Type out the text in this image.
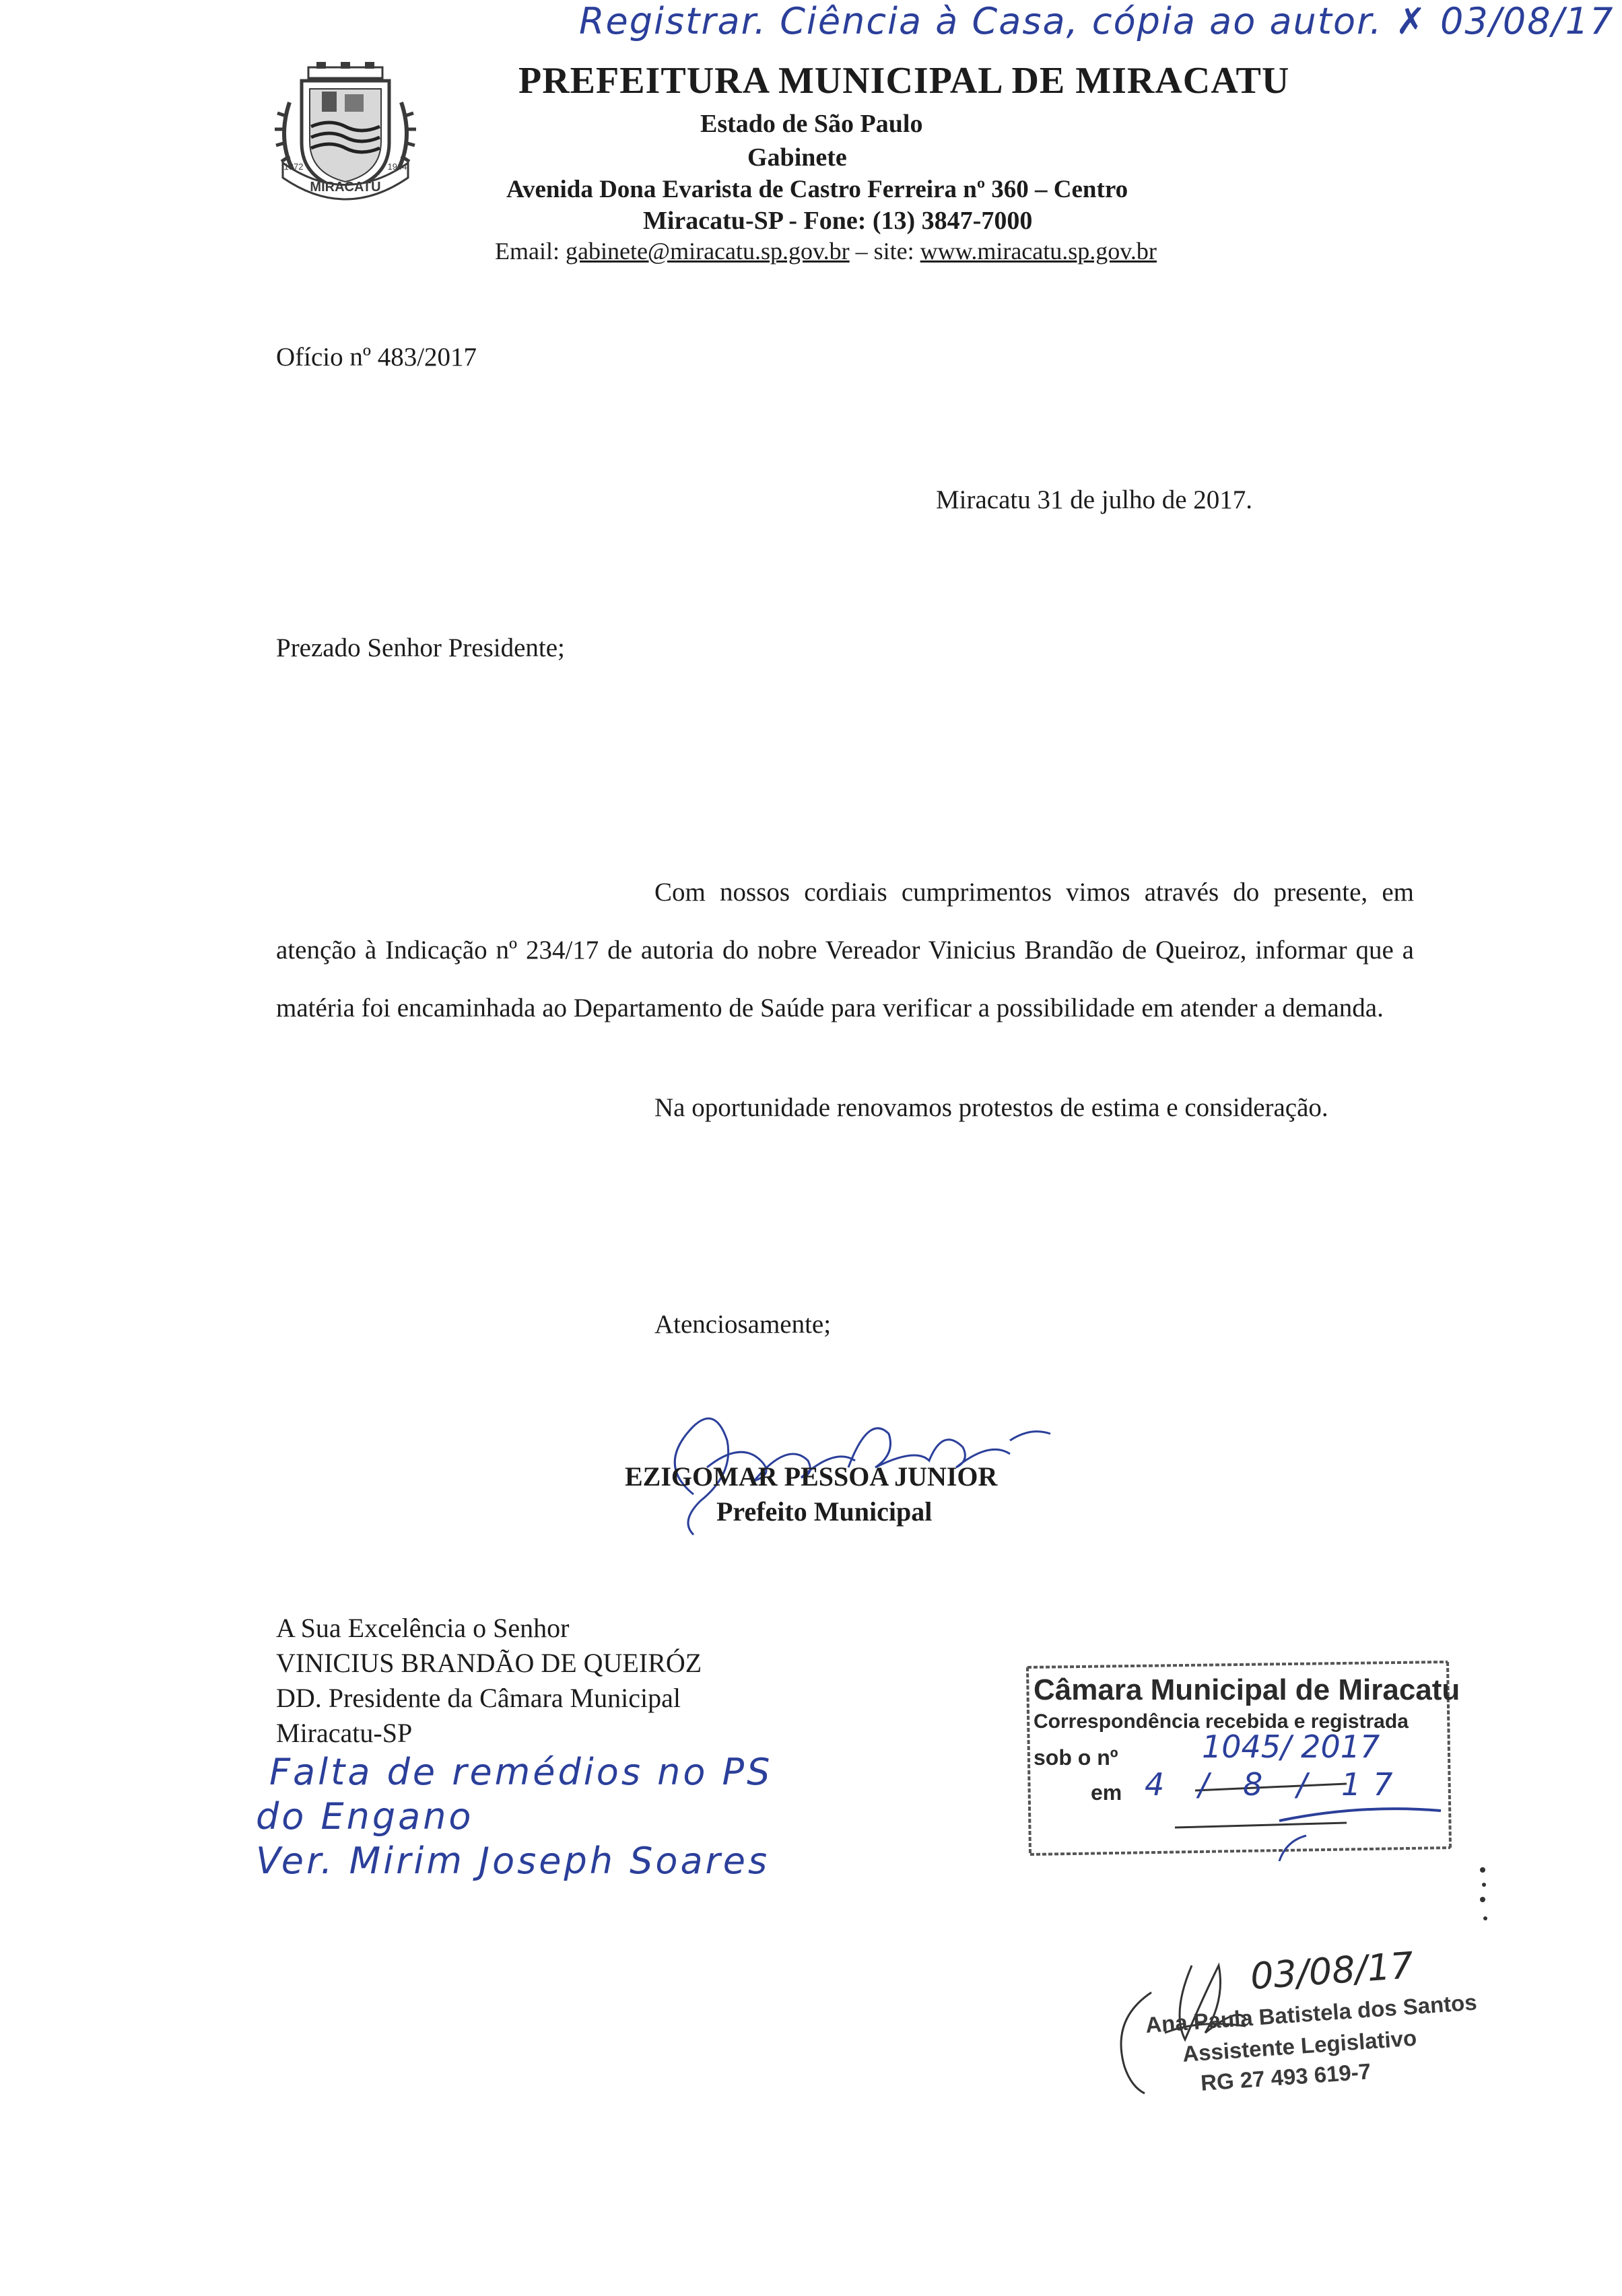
Registrar. Ciência à Casa, cópia ao autor. ✗ 03/08/17
MIRACATU
1872	1944
PREFEITURA MUNICIPAL DE MIRACATU
Estado de São Paulo
Gabinete
Avenida Dona Evarista de Castro Ferreira nº 360 – Centro
Miracatu-SP - Fone: (13) 3847-7000
Email: gabinete@miracatu.sp.gov.br – site: www.miracatu.sp.gov.br
Ofício nº 483/2017
Miracatu 31 de julho de 2017.
Prezado Senhor Presidente;
Com nossos cordiais cumprimentos vimos através do presente, em atenção à Indicação nº 234/17 de autoria do nobre Vereador Vinicius Brandão de Queiroz, informar que a matéria foi encaminhada ao Departamento de Saúde para verificar a possibilidade em atender a demanda.
Na oportunidade renovamos protestos de estima e consideração.
Atenciosamente;
EZIGOMAR PESSOA JUNIOR
Prefeito Municipal
A Sua Excelência o Senhor
VINICIUS BRANDÃO DE QUEIRÓZ
DD. Presidente da Câmara Municipal
Miracatu-SP
Falta de remédios no PS
do Engano
Ver. Mirim Joseph Soares
Câmara Municipal de Miracatu
Correspondência recebida e registrada
sob o nº
em
1045/ 2017
4 / 8 / 17
03/08/17
Ana Paula Batistela dos Santos
Assistente Legislativo
RG 27 493 619-7
